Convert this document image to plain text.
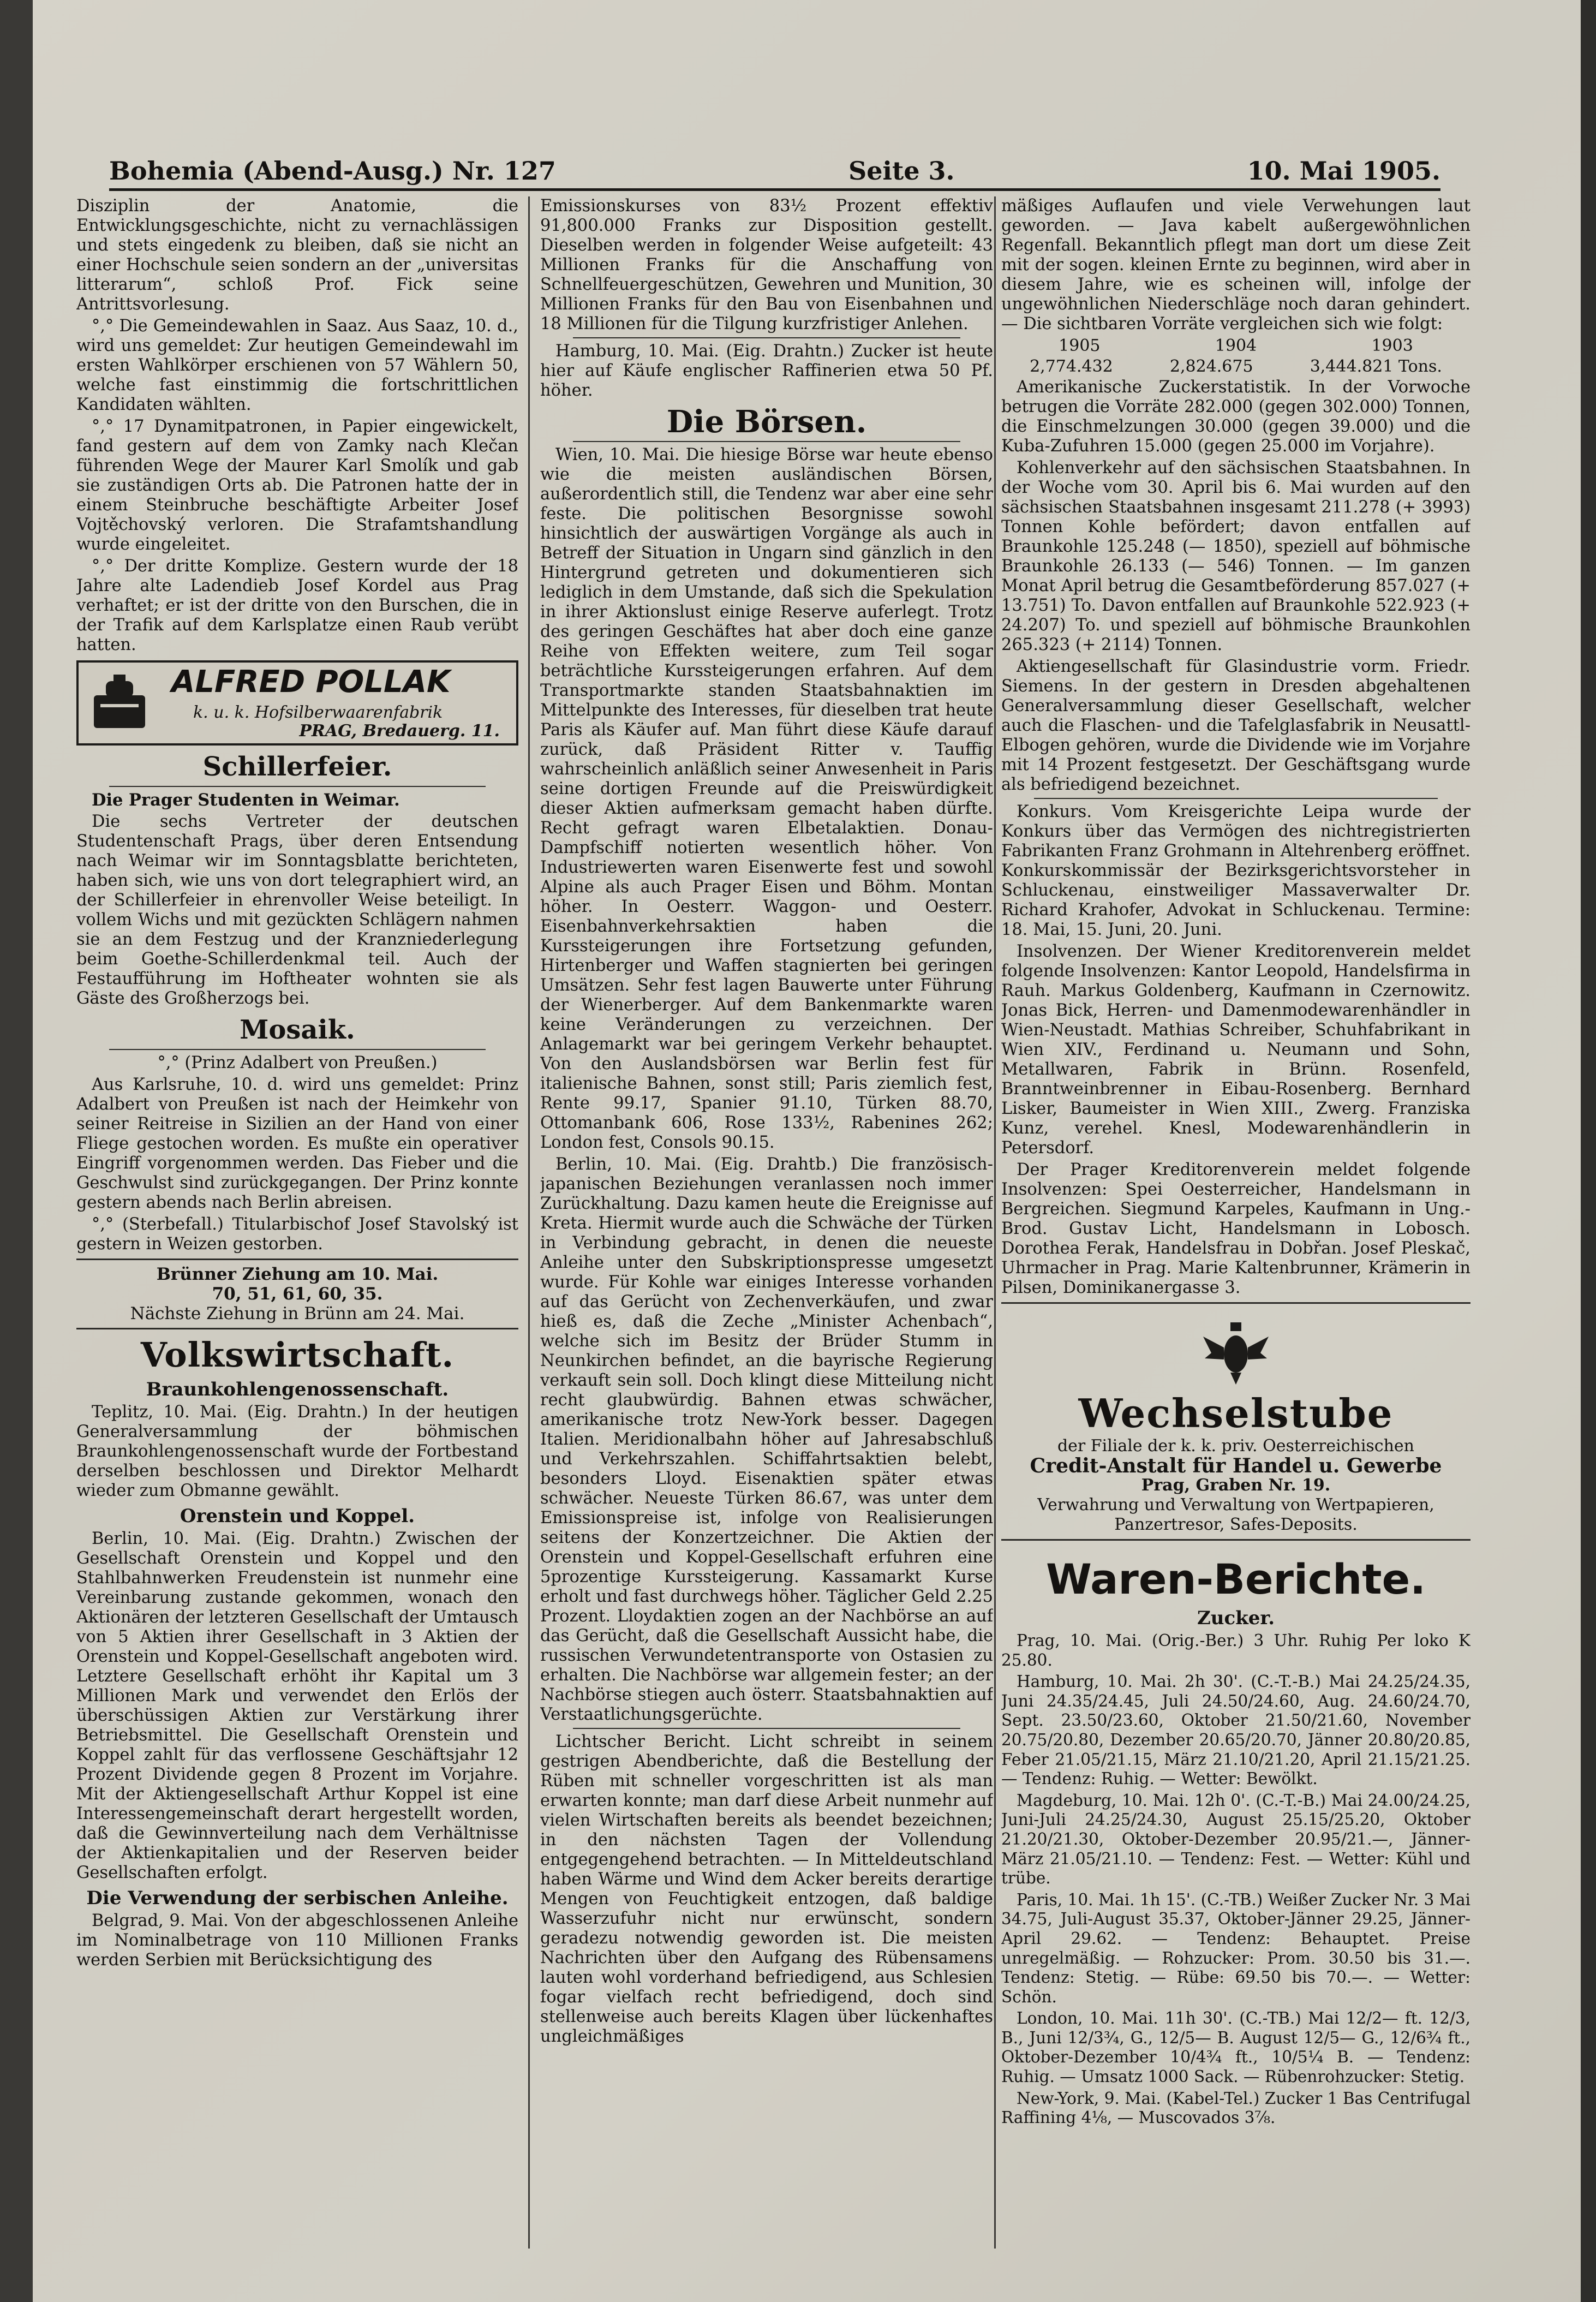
Bohemia (Abend-Ausg.) Nr. 127	Seite 3.	10. Mai 1905.

Disziplin der Anatomie, die Entwicklungsgeschichte, nicht zu vernachlässigen und stets eingedenk zu bleiben, daß sie nicht an einer Hochschule seien sondern an der „universitas litterarum“, schloß Prof. Fick seine Antrittsvorlesung.

°,° Die Gemeindewahlen in Saaz. Aus Saaz, 10. d., wird uns gemeldet: Zur heutigen Gemeindewahl im ersten Wahlkörper erschienen von 57 Wählern 50, welche fast einstimmig die fortschrittlichen Kandidaten wählten.

°,° 17 Dynamitpatronen, in Papier eingewickelt, fand gestern auf dem von Zamky nach Klečan führenden Wege der Maurer Karl Smolík und gab sie zuständigen Orts ab. Die Patronen hatte der in einem Steinbruche beschäftigte Arbeiter Josef Vojtěchovský verloren. Die Strafamtshandlung wurde eingeleitet.

°,° Der dritte Komplize. Gestern wurde der 18 Jahre alte Ladendieb Josef Kordel aus Prag verhaftet; er ist der dritte von den Burschen, die in der Trafik auf dem Karlsplatze einen Raub verübt hatten.

ALFRED POLLAK
k. u. k. Hofsilberwaarenfabrik
PRAG, Bredauerg. 11.
Schillerfeier.

Die Prager Studenten in Weimar.

Die sechs Vertreter der deutschen Studentenschaft Prags, über deren Entsendung nach Weimar wir im Sonntagsblatte berichteten, haben sich, wie uns von dort telegraphiert wird, an der Schillerfeier in ehrenvoller Weise beteiligt. In vollem Wichs und mit gezückten Schlägern nahmen sie an dem Festzug und der Kranzniederlegung beim Goethe-Schillerdenkmal teil. Auch der Festaufführung im Hoftheater wohnten sie als Gäste des Großherzogs bei.

Mosaik.

°,° (Prinz Adalbert von Preußen.)

Aus Karlsruhe, 10. d. wird uns gemeldet: Prinz Adalbert von Preußen ist nach der Heimkehr von seiner Reitreise in Sizilien an der Hand von einer Fliege gestochen worden. Es mußte ein operativer Eingriff vorgenommen werden. Das Fieber und die Geschwulst sind zurückgegangen. Der Prinz konnte gestern abends nach Berlin abreisen.

°,° (Sterbefall.) Titularbischof Josef Stavolský ist gestern in Weizen gestorben.

Brünner Ziehung am 10. Mai.
70, 51, 61, 60, 35.
Nächste Ziehung in Brünn am 24. Mai.
Volkswirtschaft.
Braunkohlengenossenschaft.

Teplitz, 10. Mai. (Eig. Drahtn.) In der heutigen Generalversammlung der böhmischen Braunkohlengenossenschaft wurde der Fortbestand derselben beschlossen und Direktor Melhardt wieder zum Obmanne gewählt.

Orenstein und Koppel.

Berlin, 10. Mai. (Eig. Drahtn.) Zwischen der Gesellschaft Orenstein und Koppel und den Stahlbahnwerken Freudenstein ist nunmehr eine Vereinbarung zustande gekommen, wonach den Aktionären der letzteren Gesellschaft der Umtausch von 5 Aktien ihrer Gesellschaft in 3 Aktien der Orenstein und Koppel-Gesellschaft angeboten wird. Letztere Gesellschaft erhöht ihr Kapital um 3 Millionen Mark und verwendet den Erlös der überschüssigen Aktien zur Verstärkung ihrer Betriebsmittel. Die Gesellschaft Orenstein und Koppel zahlt für das verflossene Geschäftsjahr 12 Prozent Dividende gegen 8 Prozent im Vorjahre. Mit der Aktiengesellschaft Arthur Koppel ist eine Interessengemeinschaft derart hergestellt worden, daß die Gewinnverteilung nach dem Verhältnisse der Aktienkapitalien und der Reserven beider Gesellschaften erfolgt.

Die Verwendung der serbischen Anleihe.

Belgrad, 9. Mai. Von der abgeschlossenen Anleihe im Nominalbetrage von 110 Millionen Franks werden Serbien mit Berücksichtigung des

Emissionskurses von 83½ Prozent effektiv 91,800.000 Franks zur Disposition gestellt. Dieselben werden in folgender Weise aufgeteilt: 43 Millionen Franks für die Anschaffung von Schnellfeuergeschützen, Gewehren und Munition, 30 Millionen Franks für den Bau von Eisenbahnen und 18 Millionen für die Tilgung kurzfristiger Anlehen.

Hamburg, 10. Mai. (Eig. Drahtn.) Zucker ist heute hier auf Käufe englischer Raffinerien etwa 50 Pf. höher.

Die Börsen.

Wien, 10. Mai. Die hiesige Börse war heute ebenso wie die meisten ausländischen Börsen, außerordentlich still, die Tendenz war aber eine sehr feste. Die politischen Besorgnisse sowohl hinsichtlich der auswärtigen Vorgänge als auch in Betreff der Situation in Ungarn sind gänzlich in den Hintergrund getreten und dokumentieren sich lediglich in dem Umstande, daß sich die Spekulation in ihrer Aktionslust einige Reserve auferlegt. Trotz des geringen Geschäftes hat aber doch eine ganze Reihe von Effekten weitere, zum Teil sogar beträchtliche Kurssteigerungen erfahren. Auf dem Transportmarkte standen Staatsbahnaktien im Mittelpunkte des Interesses, für dieselben trat heute Paris als Käufer auf. Man führt diese Käufe darauf zurück, daß Präsident Ritter v. Tauffig wahrscheinlich anläßlich seiner Anwesenheit in Paris seine dortigen Freunde auf die Preiswürdigkeit dieser Aktien aufmerksam gemacht haben dürfte. Recht gefragt waren Elbetalaktien. Donau-Dampfschiff notierten wesentlich höher. Von Industriewerten waren Eisenwerte fest und sowohl Alpine als auch Prager Eisen und Böhm. Montan höher. In Oesterr. Waggon- und Oesterr. Eisenbahnverkehrsaktien haben die Kurssteigerungen ihre Fortsetzung gefunden, Hirtenberger und Waffen stagnierten bei geringen Umsätzen. Sehr fest lagen Bauwerte unter Führung der Wienerberger. Auf dem Bankenmarkte waren keine Veränderungen zu verzeichnen. Der Anlagemarkt war bei geringem Verkehr behauptet. Von den Auslandsbörsen war Berlin fest für italienische Bahnen, sonst still; Paris ziemlich fest, Rente 99.17, Spanier 91.10, Türken 88.70, Ottomanbank 606, Rose 133½, Rabenines 262; London fest, Consols 90.15.

Berlin, 10. Mai. (Eig. Drahtb.) Die französisch-japanischen Beziehungen veranlassen noch immer Zurückhaltung. Dazu kamen heute die Ereignisse auf Kreta. Hiermit wurde auch die Schwäche der Türken in Verbindung gebracht, in denen die neueste Anleihe unter den Subskriptionspresse umgesetzt wurde. Für Kohle war einiges Interesse vorhanden auf das Gerücht von Zechenverkäufen, und zwar hieß es, daß die Zeche „Minister Achenbach“, welche sich im Besitz der Brüder Stumm in Neunkirchen befindet, an die bayrische Regierung verkauft sein soll. Doch klingt diese Mitteilung nicht recht glaubwürdig. Bahnen etwas schwächer, amerikanische trotz New-York besser. Dagegen Italien. Meridionalbahn höher auf Jahresabschluß und Verkehrszahlen. Schiffahrtsaktien belebt, besonders Lloyd. Eisenaktien später etwas schwächer. Neueste Türken 86.67, was unter dem Emissionspreise ist, infolge von Realisierungen seitens der Konzertzeichner. Die Aktien der Orenstein und Koppel-Gesellschaft erfuhren eine 5prozentige Kurssteigerung. Kassamarkt Kurse erholt und fast durchwegs höher. Täglicher Geld 2.25 Prozent. Lloydaktien zogen an der Nachbörse an auf das Gerücht, daß die Gesellschaft Aussicht habe, die russischen Verwundetentransporte von Ostasien zu erhalten. Die Nachbörse war allgemein fester; an der Nachbörse stiegen auch österr. Staatsbahnaktien auf Verstaatlichungsgerüchte.

Lichtscher Bericht. Licht schreibt in seinem gestrigen Abendberichte, daß die Bestellung der Rüben mit schneller vorgeschritten ist als man erwarten konnte; man darf diese Arbeit nunmehr auf vielen Wirtschaften bereits als beendet bezeichnen; in den nächsten Tagen der Vollendung entgegengehend betrachten. — In Mitteldeutschland haben Wärme und Wind dem Acker bereits derartige Mengen von Feuchtigkeit entzogen, daß baldige Wasserzufuhr nicht nur erwünscht, sondern geradezu notwendig geworden ist. Die meisten Nachrichten über den Aufgang des Rübensamens lauten wohl vorderhand befriedigend, aus Schlesien fogar vielfach recht befriedigend, doch sind stellenweise auch bereits Klagen über lückenhaftes ungleichmäßiges

mäßiges Auflaufen und viele Verwehungen laut geworden. — Java kabelt außergewöhnlichen Regenfall. Bekanntlich pflegt man dort um diese Zeit mit der sogen. kleinen Ernte zu beginnen, wird aber in diesem Jahre, wie es scheinen will, infolge der ungewöhnlichen Niederschläge noch daran gehindert. — Die sichtbaren Vorräte vergleichen sich wie folgt:

1905	1904	1903
2,774.432	2,824.675	3,444.821 Tons.

Amerikanische Zuckerstatistik. In der Vorwoche betrugen die Vorräte 282.000 (gegen 302.000) Tonnen, die Einschmelzungen 30.000 (gegen 39.000) und die Kuba-Zufuhren 15.000 (gegen 25.000 im Vorjahre).

Kohlenverkehr auf den sächsischen Staatsbahnen. In der Woche vom 30. April bis 6. Mai wurden auf den sächsischen Staatsbahnen insgesamt 211.278 (+ 3993) Tonnen Kohle befördert; davon entfallen auf Braunkohle 125.248 (— 1850), speziell auf böhmische Braunkohle 26.133 (— 546) Tonnen. — Im ganzen Monat April betrug die Gesamtbeförderung 857.027 (+ 13.751) To. Davon entfallen auf Braunkohle 522.923 (+ 24.207) To. und speziell auf böhmische Braunkohlen 265.323 (+ 2114) Tonnen.

Aktiengesellschaft für Glasindustrie vorm. Friedr. Siemens. In der gestern in Dresden abgehaltenen Generalversammlung dieser Gesellschaft, welcher auch die Flaschen- und die Tafelglasfabrik in Neusattl-Elbogen gehören, wurde die Dividende wie im Vorjahre mit 14 Prozent festgesetzt. Der Geschäftsgang wurde als befriedigend bezeichnet.

Konkurs. Vom Kreisgerichte Leipa wurde der Konkurs über das Vermögen des nichtregistrierten Fabrikanten Franz Grohmann in Altehrenberg eröffnet. Konkurskommissär der Bezirksgerichtsvorsteher in Schluckenau, einstweiliger Massaverwalter Dr. Richard Krahofer, Advokat in Schluckenau. Termine: 18. Mai, 15. Juni, 20. Juni.

Insolvenzen. Der Wiener Kreditorenverein meldet folgende Insolvenzen: Kantor Leopold, Handelsfirma in Rauh. Markus Goldenberg, Kaufmann in Czernowitz. Jonas Bick, Herren- und Damenmodewarenhändler in Wien-Neustadt. Mathias Schreiber, Schuhfabrikant in Wien XIV., Ferdinand u. Neumann und Sohn, Metallwaren, Fabrik in Brünn. Rosenfeld, Branntweinbrenner in Eibau-Rosenberg. Bernhard Lisker, Baumeister in Wien XIII., Zwerg. Franziska Kunz, verehel. Knesl, Modewarenhändlerin in Petersdorf.

Der Prager Kreditorenverein meldet folgende Insolvenzen: Spei Oesterreicher, Handelsmann in Bergreichen. Siegmund Karpeles, Kaufmann in Ung.-Brod. Gustav Licht, Handelsmann in Lobosch. Dorothea Ferak, Handelsfrau in Dobřan. Josef Pleskač, Uhrmacher in Prag. Marie Kaltenbrunner, Krämerin in Pilsen, Dominikanergasse 3.

Wechselstube
der Filiale der k. k. priv. Oesterreichischen
Credit-Anstalt für Handel u. Gewerbe
Prag, Graben Nr. 19.
Verwahrung und Verwaltung von Wertpapieren,
Panzertresor, Safes-Deposits.
Waren-Berichte.
Zucker.

Prag, 10. Mai. (Orig.-Ber.) 3 Uhr. Ruhig Per loko K 25.80.

Hamburg, 10. Mai. 2h 30'. (C.-T.-B.) Mai 24.25/24.35, Juni 24.35/24.45, Juli 24.50/24.60, Aug. 24.60/24.70, Sept. 23.50/23.60, Oktober 21.50/21.60, November 20.75/20.80, Dezember 20.65/20.70, Jänner 20.80/20.85, Feber 21.05/21.15, März 21.10/21.20, April 21.15/21.25. — Tendenz: Ruhig. — Wetter: Bewölkt.

Magdeburg, 10. Mai. 12h 0'. (C.-T.-B.) Mai 24.00/24.25, Juni-Juli 24.25/24.30, August 25.15/25.20, Oktober 21.20/21.30, Oktober-Dezember 20.95/21.—, Jänner-März 21.05/21.10. — Tendenz: Fest. — Wetter: Kühl und trübe.

Paris, 10. Mai. 1h 15'. (C.-TB.) Weißer Zucker Nr. 3 Mai 34.75, Juli-August 35.37, Oktober-Jänner 29.25, Jänner-April 29.62. — Tendenz: Behauptet. Preise unregelmäßig. — Rohzucker: Prom. 30.50 bis 31.—. Tendenz: Stetig. — Rübe: 69.50 bis 70.—. — Wetter: Schön.

London, 10. Mai. 11h 30'. (C.-TB.) Mai 12/2— ft. 12/3, B., Juni 12/3¾, G., 12/5— B. August 12/5— G., 12/6¾ ft., Oktober-Dezember 10/4¾ ft., 10/5¼ B. — Tendenz: Ruhig. — Umsatz 1000 Sack. — Rübenrohzucker: Stetig.

New-York, 9. Mai. (Kabel-Tel.) Zucker 1 Bas Centrifugal Raffining 4⅛, — Muscovados 3⅞.
